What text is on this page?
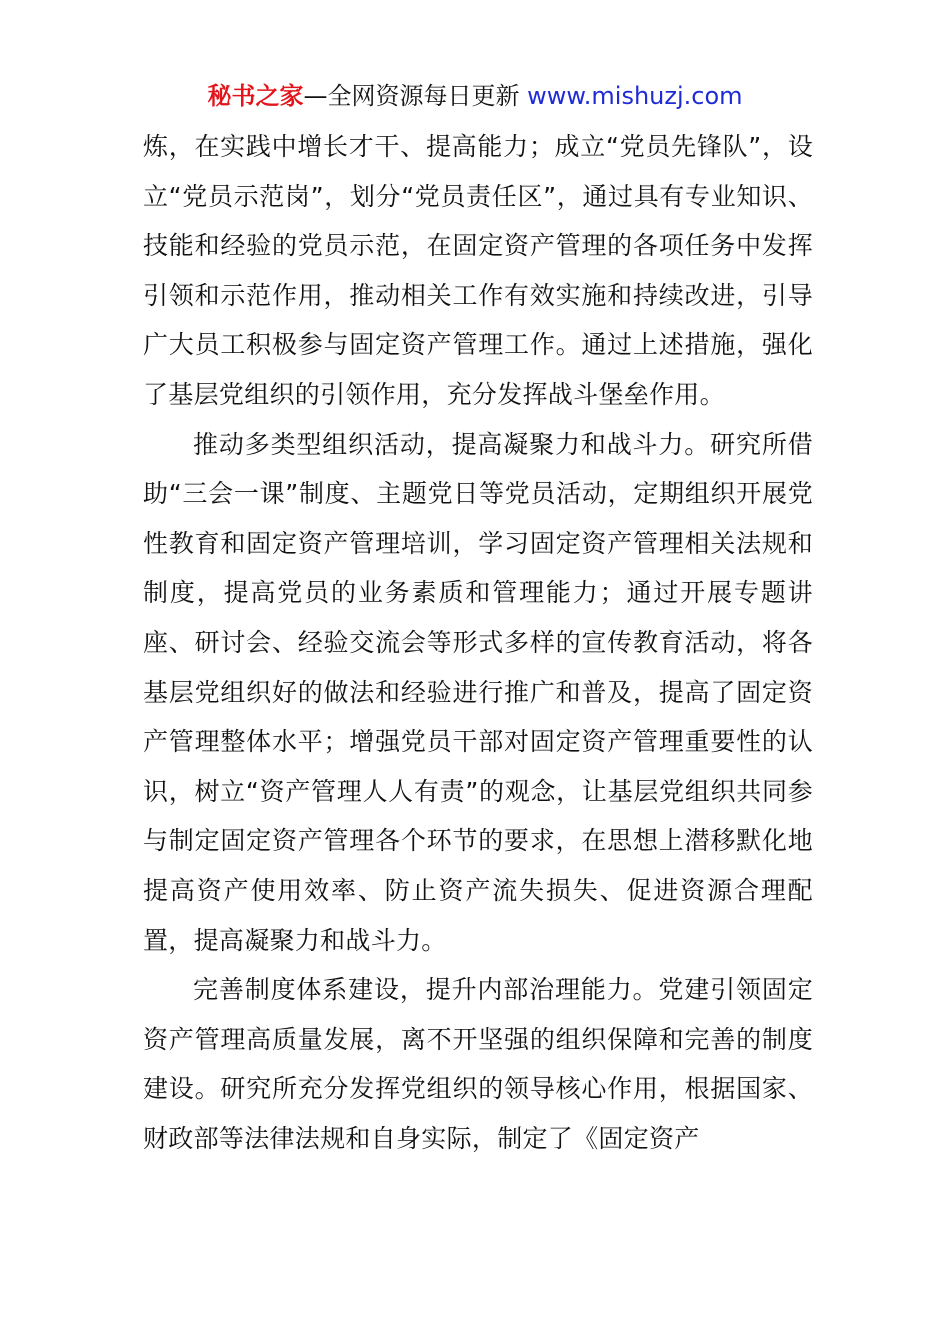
秘书之家—全网资源每日更新 www.mishuzj.com

炼，在实践中增长才干、提高能力；成立“党员先锋队”，设立“党员示范岗”，划分“党员责任区”，通过具有专业知识、技能和经验的党员示范，在固定资产管理的各项任务中发挥引领和示范作用，推动相关工作有效实施和持续改进，引导广大员工积极参与固定资产管理工作。通过上述措施，强化了基层党组织的引领作用，充分发挥战斗堡垒作用。

推动多类型组织活动，提高凝聚力和战斗力。研究所借助“三会一课”制度、主题党日等党员活动，定期组织开展党性教育和固定资产管理培训，学习固定资产管理相关法规和制度，提高党员的业务素质和管理能力；通过开展专题讲座、研讨会、经验交流会等形式多样的宣传教育活动，将各基层党组织好的做法和经验进行推广和普及，提高了固定资产管理整体水平；增强党员干部对固定资产管理重要性的认识，树立“资产管理人人有责”的观念，让基层党组织共同参与制定固定资产管理各个环节的要求，在思想上潜移默化地提高资产使用效率、防止资产流失损失、促进资源合理配置，提高凝聚力和战斗力。

完善制度体系建设，提升内部治理能力。党建引领固定资产管理高质量发展，离不开坚强的组织保障和完善的制度建设。研究所充分发挥党组织的领导核心作用，根据国家、财政部等法律法规和自身实际，制定了《固定资产
